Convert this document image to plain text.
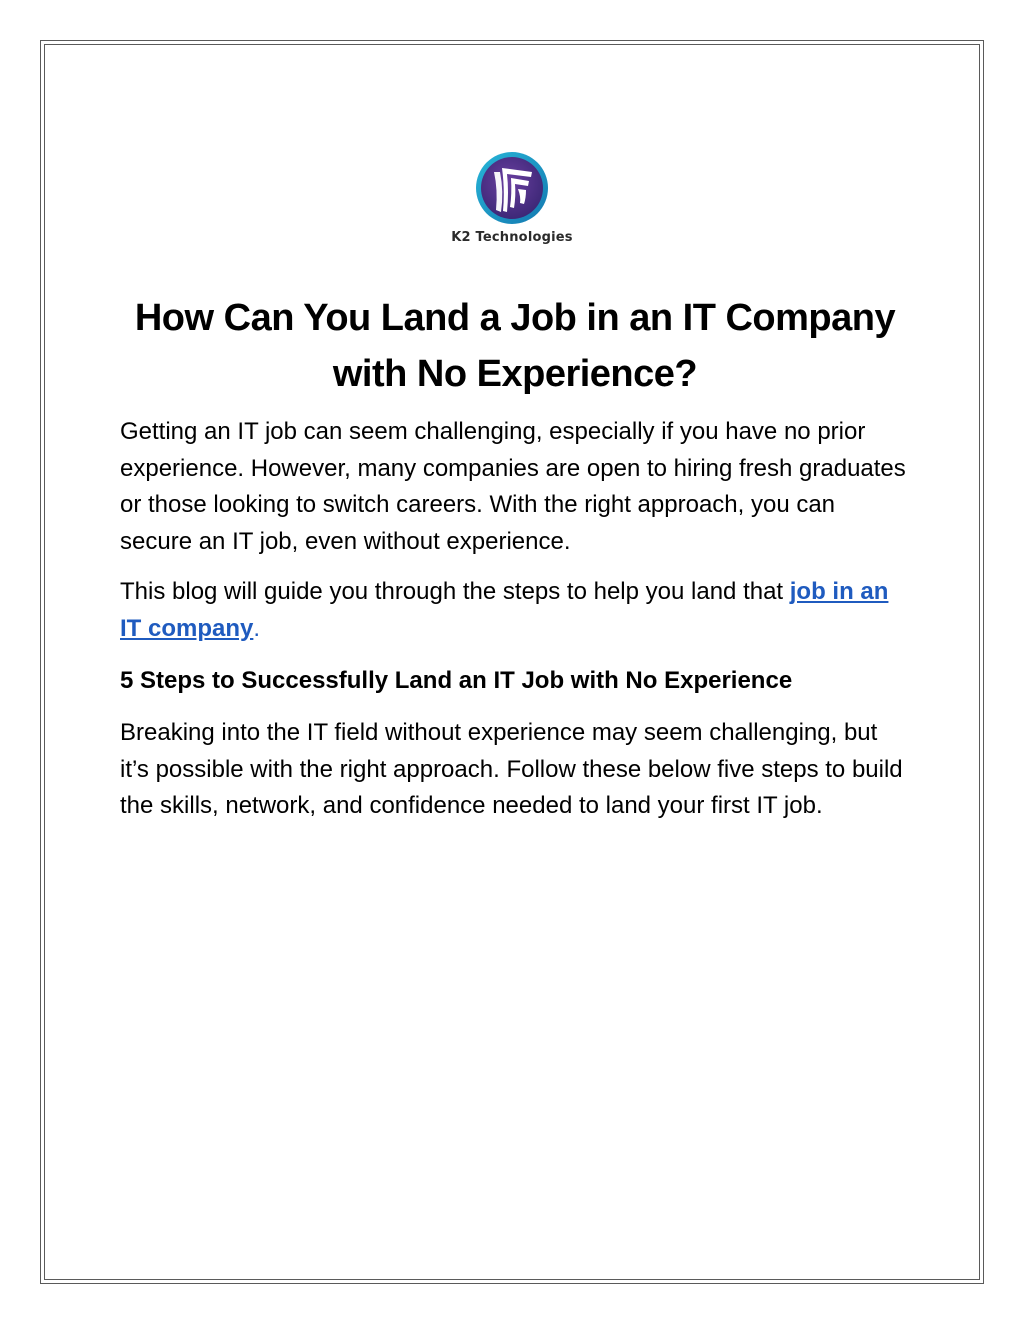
K2 Technologies
How Can You Land a Job in an IT Company with No Experience?

Getting an IT job can seem challenging, especially if you have no prior experience. However, many companies are open to hiring fresh graduates or those looking to switch careers. With the right approach, you can secure an IT job, even without experience.

This blog will guide you through the steps to help you land that job in an IT company.

5 Steps to Successfully Land an IT Job with No Experience

Breaking into the IT field without experience may seem challenging, but it’s possible with the right approach. Follow these below five steps to build the skills, network, and confidence needed to land your first IT job.
